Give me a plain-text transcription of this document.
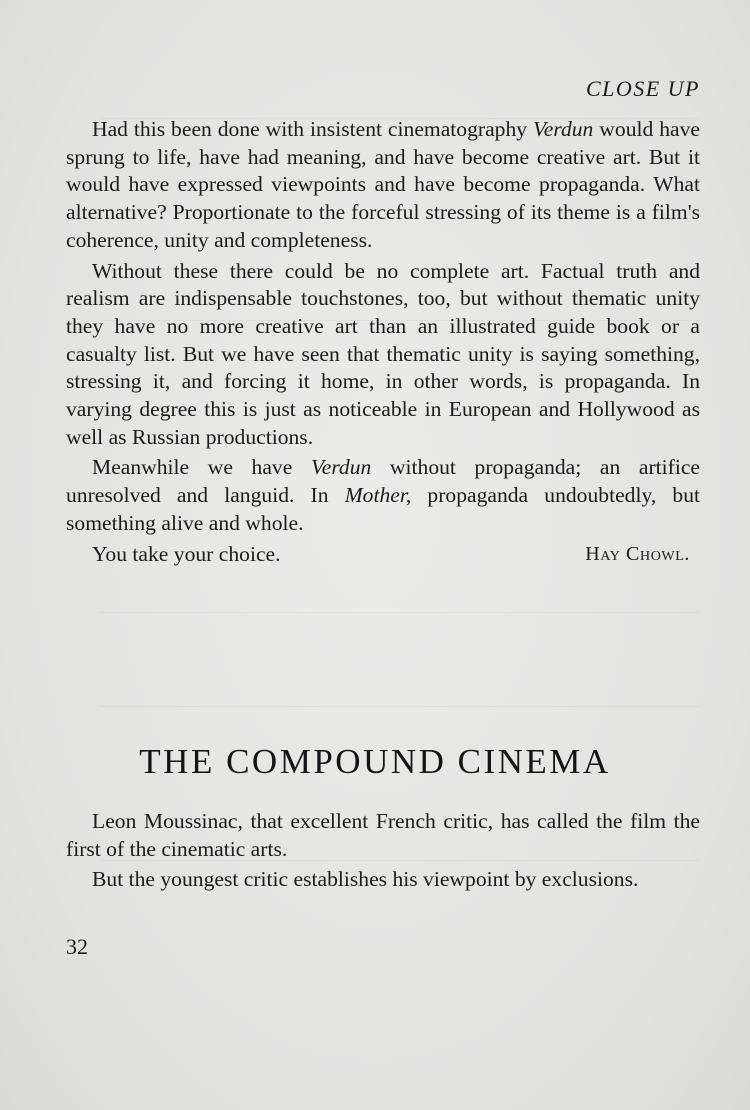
CLOSE UP

Had this been done with insistent cinematography Verdun would have sprung to life, have had meaning, and have become creative art. But it would have expressed viewpoints and have become propaganda. What alternative? Proportionate to the forceful stressing of its theme is a film's coherence, unity and completeness.

Without these there could be no complete art. Factual truth and realism are indispensable touchstones, too, but without thematic unity they have no more creative art than an illustrated guide book or a casualty list. But we have seen that thematic unity is saying something, stressing it, and forcing it home, in other words, is propaganda. In varying degree this is just as noticeable in European and Hollywood as well as Russian productions.

Meanwhile we have Verdun without propaganda; an artifice unresolved and languid. In Mother, propaganda undoubtedly, but something alive and whole.

You take your choice.	Hay Chowl.
THE COMPOUND CINEMA

Leon Moussinac, that excellent French critic, has called the film the first of the cinematic arts.

But the youngest critic establishes his viewpoint by exclusions.

32
